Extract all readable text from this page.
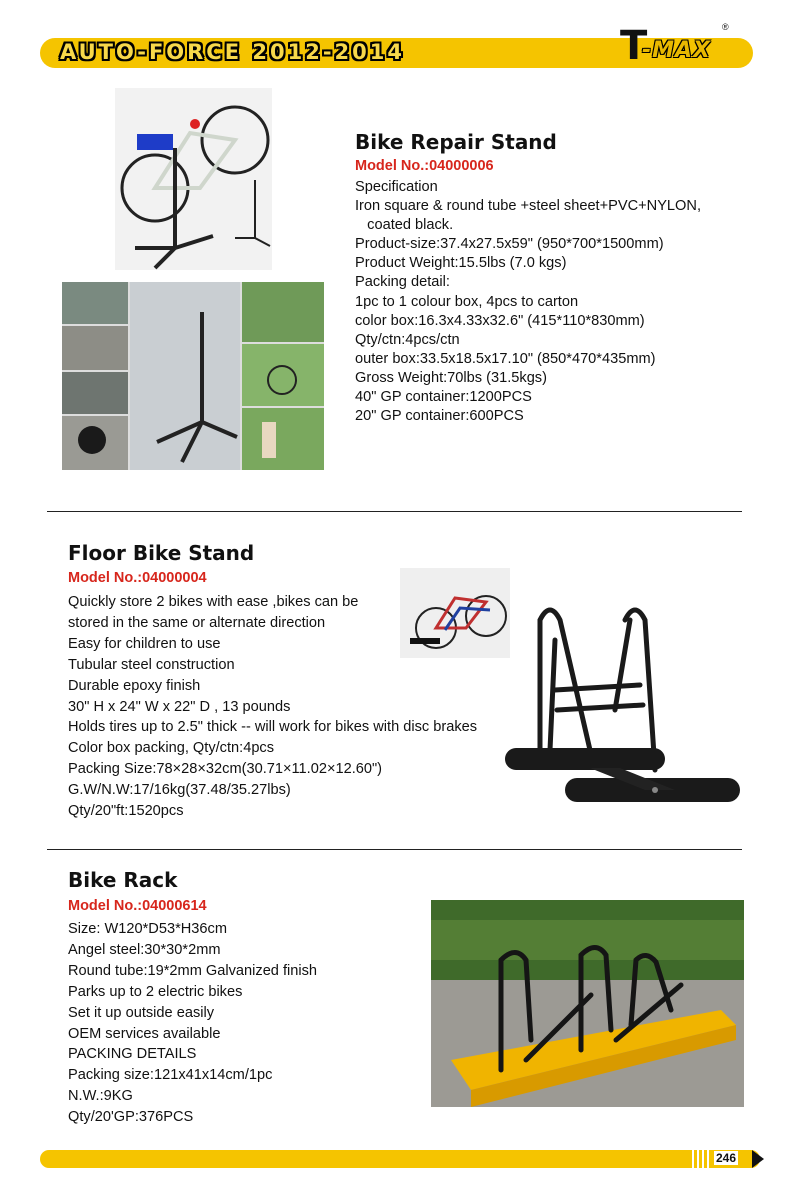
AUTO-FORCE 2012-2014	T
-MAX
®
Bike Repair Stand
Model No.:04000006
Specification
Iron square & round tube +steel sheet+PVC+NYLON,
coated black.
Product-size:37.4x27.5x59" (950*700*1500mm)
Product Weight:15.5lbs (7.0 kgs)
Packing detail:
1pc to 1 colour box, 4pcs to carton
color box:16.3x4.33x32.6" (415*110*830mm)
Qty/ctn:4pcs/ctn
outer box:33.5x18.5x17.10" (850*470*435mm)
Gross Weight:70lbs (31.5kgs)
40" GP container:1200PCS
20" GP container:600PCS
Floor Bike Stand
Model No.:04000004
Quickly store 2 bikes with ease ,bikes can be
stored in the same or alternate direction
Easy for children to use
Tubular steel construction
Durable epoxy finish
30" H x 24" W x 22" D , 13 pounds
Holds tires up to 2.5" thick -- will work for bikes with disc brakes
Color box packing, Qty/ctn:4pcs
Packing Size:78×28×32cm(30.71×11.02×12.60")
G.W/N.W:17/16kg(37.48/35.27lbs)
Qty/20"ft:1520pcs
Bike Rack
Model No.:04000614
Size: W120*D53*H36cm
Angel steel:30*30*2mm
Round tube:19*2mm Galvanized finish
Parks up to 2 electric bikes
Set it up outside easily
OEM services available
PACKING DETAILS
Packing size:121x41x14cm/1pc
N.W.:9KG
Qty/20'GP:376PCS
246
